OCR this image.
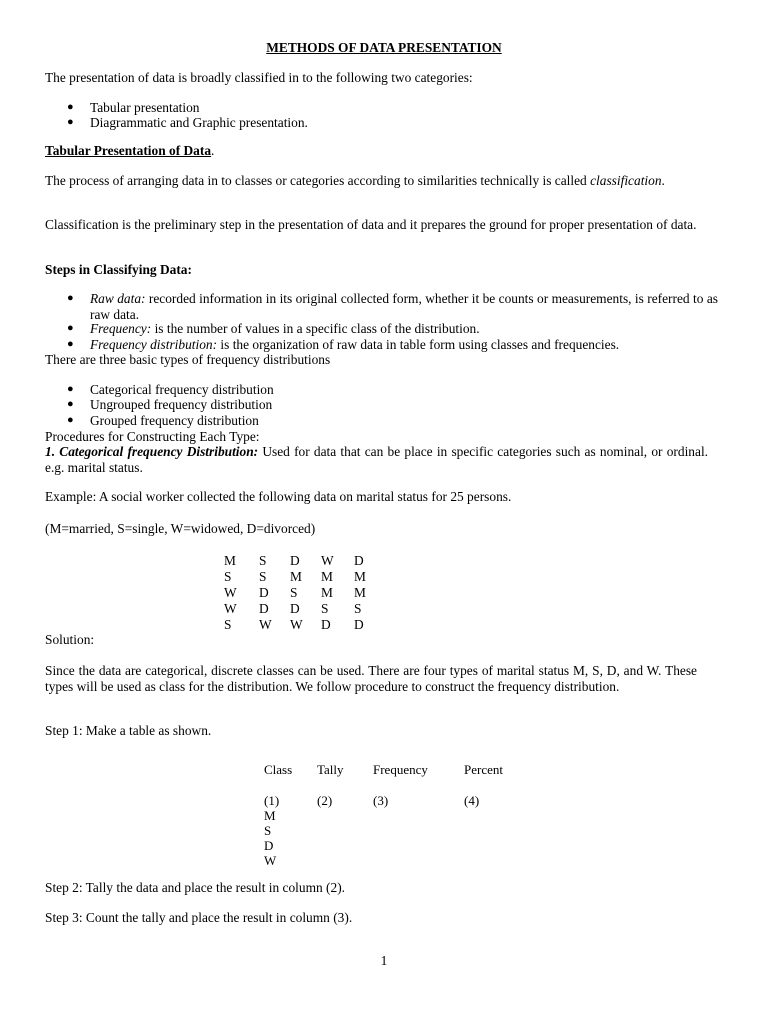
METHODS OF DATA PRESENTATION
The presentation of data is broadly classified in to the following two categories:
● Tabular presentation
● Diagrammatic and Graphic presentation.
Tabular Presentation of Data.
The process of arranging data in to classes or categories according to similarities technically is called classification.
Classification is the preliminary step in the presentation of data and it prepares the ground for proper presentation of data.
Steps in Classifying Data:
● Raw data: recorded information in its original collected form, whether it be counts or measurements, is referred to as raw data.
● Frequency: is the number of values in a specific class of the distribution.
● Frequency distribution: is the organization of raw data in table form using classes and frequencies.
There are three basic types of frequency distributions
● Categorical frequency distribution
● Ungrouped frequency distribution
● Grouped frequency distribution
Procedures for Constructing Each Type:
1. Categorical frequency Distribution: Used for data that can be place in specific categories such as nominal, or ordinal. e.g. marital status.
Example: A social worker collected the following data on marital status for 25 persons.
(M=married, S=single, W=widowed, D=divorced)
M	S	D	W	D
S	S	M	M	M
W	D	S	M	M
W	D	D	S	S
S	W	W	D	D
Solution:
Since the data are categorical, discrete classes can be used. There are four types of marital status M, S, D, and W. These types will be used as class for the distribution. We follow procedure to construct the frequency distribution.
Step 1: Make a table as shown.
Class Tally Frequency	Percent
(1)	(2)	(3)	(4)
M
S
D
W
Step 2: Tally the data and place the result in column (2).
Step 3: Count the tally and place the result in column (3).
1
